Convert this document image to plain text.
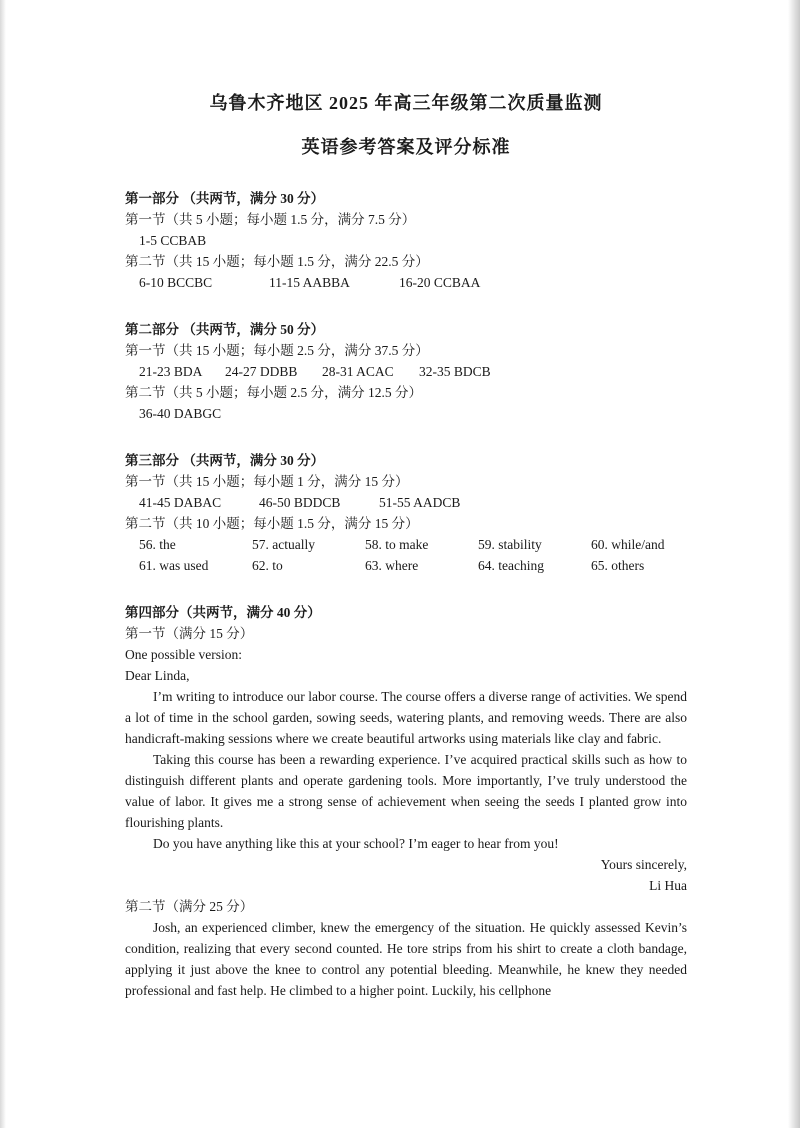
乌鲁木齐地区 2025 年高三年级第二次质量监测
英语参考答案及评分标准
第一部分 （共两节，满分 30 分）
第一节（共 5 小题；每小题 1.5 分，满分 7.5 分）
1-5 CCBAB
第二节（共 15 小题；每小题 1.5 分，满分 22.5 分）
6-10 BCCBC	11-15 AABBA	16-20 CCBAA
第二部分 （共两节，满分 50 分）
第一节（共 15 小题；每小题 2.5 分，满分 37.5 分）
21-23 BDA 24-27 DDBB 28-31 ACAC 32-35 BDCB
第二节（共 5 小题；每小题 2.5 分，满分 12.5 分）
36-40 DABGC
第三部分 （共两节，满分 30 分）
第一节（共 15 小题；每小题 1 分，满分 15 分）
41-45 DABAC	46-50 BDDCB	51-55 AADCB
第二节（共 10 小题；每小题 1.5 分，满分 15 分）
56. the	57. actually	58. to make	59. stability	60. while/and
61. was used	62. to	63. where	64. teaching	65. others
第四部分（共两节，满分 40 分）
第一节（满分 15 分）
One possible version:
Dear Linda,

I’m writing to introduce our labor course. The course offers a diverse range of activities. We spend a lot of time in the school garden, sowing seeds, watering plants, and removing weeds. There are also handicraft-making sessions where we create beautiful artworks using materials like clay and fabric.

Taking this course has been a rewarding experience. I’ve acquired practical skills such as how to distinguish different plants and operate gardening tools. More importantly, I’ve truly understood the value of labor. It gives me a strong sense of achievement when seeing the seeds I planted grow into flourishing plants.

Do you have anything like this at your school? I’m eager to hear from you!

Yours sincerely,
Li Hua
第二节（满分 25 分）

Josh, an experienced climber, knew the emergency of the situation. He quickly assessed Kevin’s condition, realizing that every second counted. He tore strips from his shirt to create a cloth bandage, applying it just above the knee to control any potential bleeding. Meanwhile, he knew they needed professional and fast help. He climbed to a higher point. Luckily, his cellphone
